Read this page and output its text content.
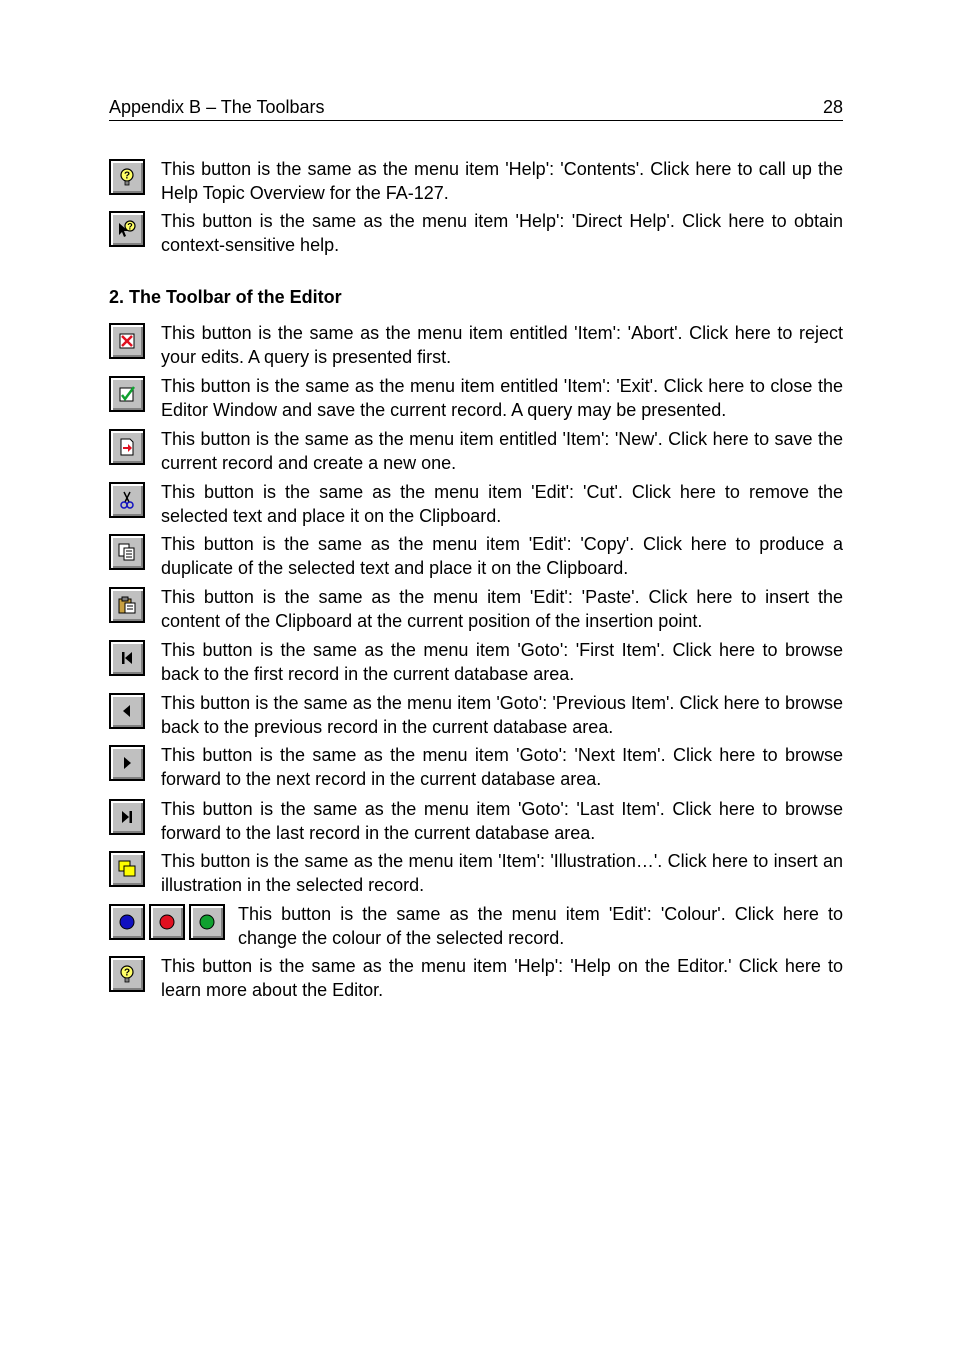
Appendix B – The Toolbars	28
? This button is the same as the menu item 'Help': 'Contents'. Click here to call up the Help Topic Overview for the FA-127.
? This button is the same as the menu item 'Help': 'Direct Help'. Click here to obtain context-sensitive help.
2. The Toolbar of the Editor
This button is the same as the menu item entitled 'Item': 'Abort'. Click here to reject your edits. A query is presented first.
This button is the same as the menu item entitled 'Item': 'Exit'. Click here to close the Editor Window and save the current record. A query may be presented.
This button is the same as the menu item entitled 'Item': 'New'. Click here to save the current record and create a new one.
This button is the same as the menu item 'Edit': 'Cut'. Click here to remove the selected text and place it on the Clipboard.
This button is the same as the menu item 'Edit': 'Copy'. Click here to produce a duplicate of the selected text and place it on the Clipboard.
This button is the same as the menu item 'Edit': 'Paste'. Click here to insert the content of the Clipboard at the current position of the insertion point.
This button is the same as the menu item 'Goto': 'First Item'. Click here to browse back to the first record in the current database area.
This button is the same as the menu item 'Goto': 'Previous Item'. Click here to browse back to the previous record in the current database area.
This button is the same as the menu item 'Goto': 'Next Item'. Click here to browse forward to the next record in the current database area.
This button is the same as the menu item 'Goto': 'Last Item'. Click here to browse forward to the last record in the current database area.
This button is the same as the menu item 'Item': 'Illustration…'. Click here to insert an illustration in the selected record.
This button is the same as the menu item 'Edit': 'Colour'. Click here to change the colour of the selected record.
? This button is the same as the menu item 'Help': 'Help on the Editor.' Click here to learn more about the Editor.
